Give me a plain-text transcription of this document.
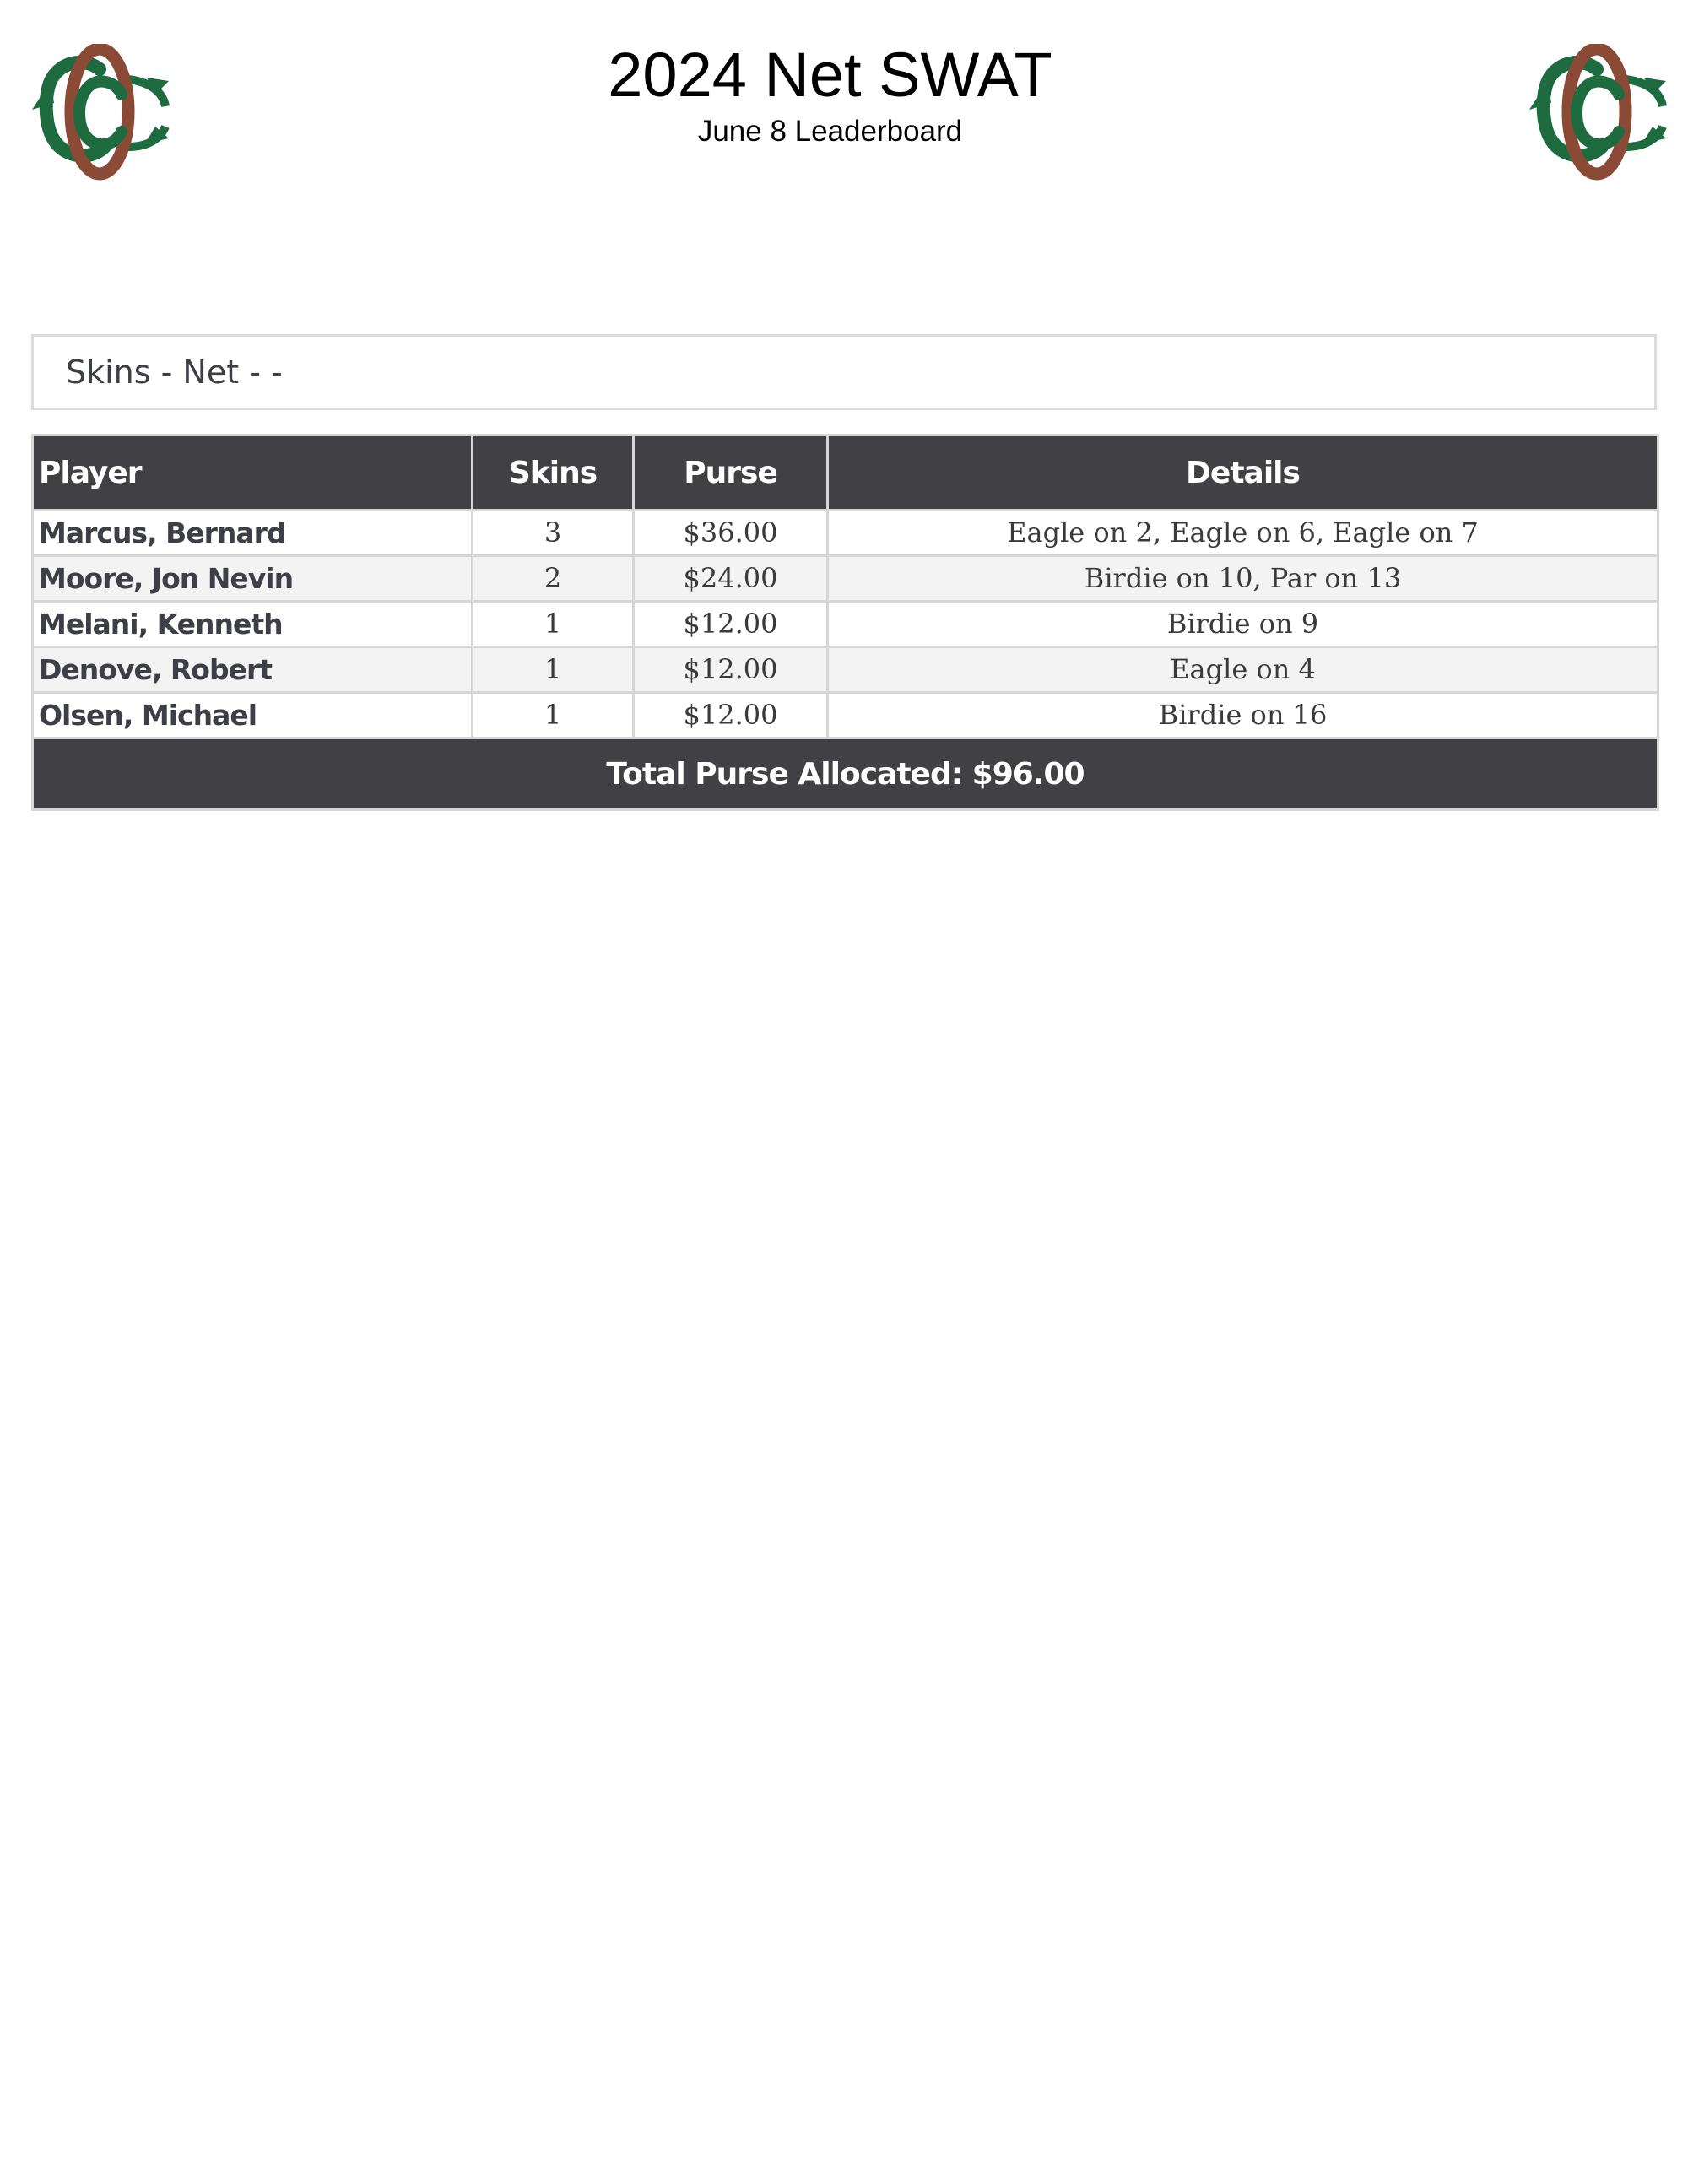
2024 Net SWAT
June 8 Leaderboard
Skins - Net - -
Player	Skins	Purse	Details
Marcus, Bernard	3	$36.00	Eagle on 2, Eagle on 6, Eagle on 7
Moore, Jon Nevin	2	$24.00	Birdie on 10, Par on 13
Melani, Kenneth	1	$12.00	Birdie on 9
Denove, Robert	1	$12.00	Eagle on 4
Olsen, Michael	1	$12.00	Birdie on 16
Total Purse Allocated: $96.00			
